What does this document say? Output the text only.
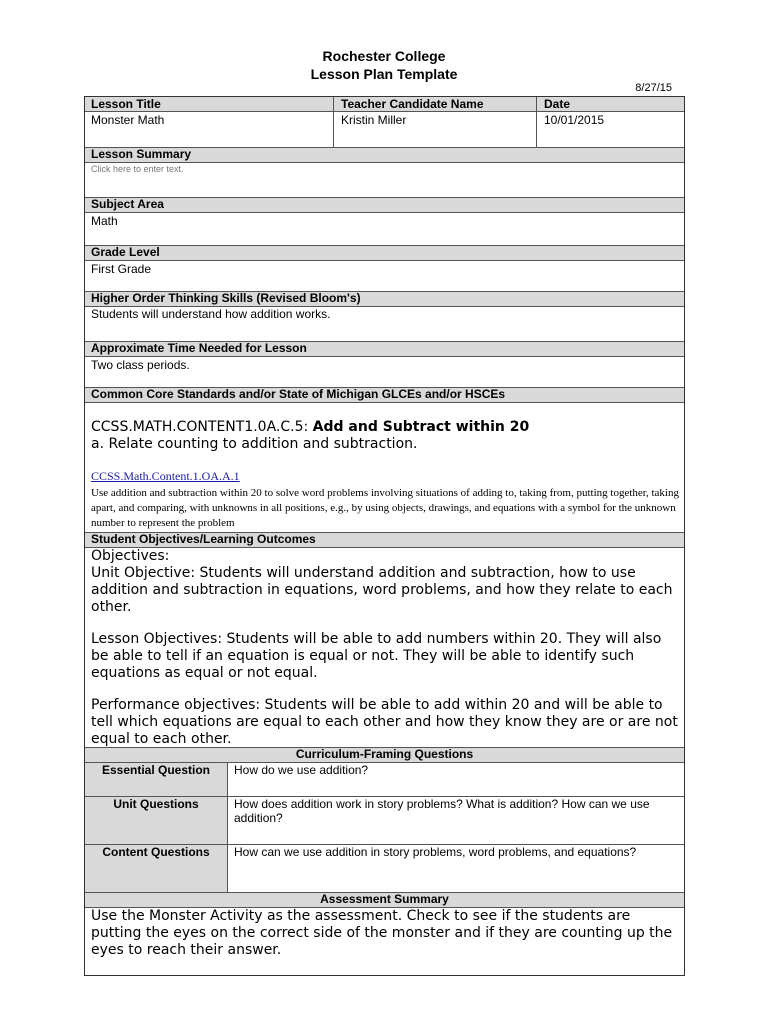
Rochester College
Lesson Plan Template
8/27/15
Lesson Title	Teacher Candidate Name	Date
Monster Math	Kristin Miller	10/01/2015
Lesson Summary
Click here to enter text.
Subject Area
Math
Grade Level
First Grade
Higher Order Thinking Skills (Revised Bloom's)
Students will understand how addition works.
Approximate Time Needed for Lesson
Two class periods.
Common Core Standards and/or State of Michigan GLCEs and/or HSCEs
CCSS.MATH.CONTENT1.0A.C.5: Add and Subtract within 20
a. Relate counting to addition and subtraction.
CCSS.Math.Content.1.OA.A.1
Use addition and subtraction within 20 to solve word problems involving situations of adding to, taking from, putting together, taking apart, and comparing, with unknowns in all positions, e.g., by using objects, drawings, and equations with a symbol for the unknown number to represent the problem
Student Objectives/Learning Outcomes
Objectives:
Unit Objective: Students will understand addition and subtraction, how to use addition and subtraction in equations, word problems, and how they relate to each other.
Lesson Objectives: Students will be able to add numbers within 20. They will also be able to tell if an equation is equal or not. They will be able to identify such equations as equal or not equal.
Performance objectives: Students will be able to add within 20 and will be able to tell which equations are equal to each other and how they know they are or are not equal to each other.
Curriculum-Framing Questions
Essential Question	How do we use addition?
Unit Questions	How does addition work in story problems? What is addition? How can we use addition?
Content Questions	How can we use addition in story problems, word problems, and equations?
Assessment Summary
Use the Monster Activity as the assessment. Check to see if the students are putting the eyes on the correct side of the monster and if they are counting up the eyes to reach their answer.
